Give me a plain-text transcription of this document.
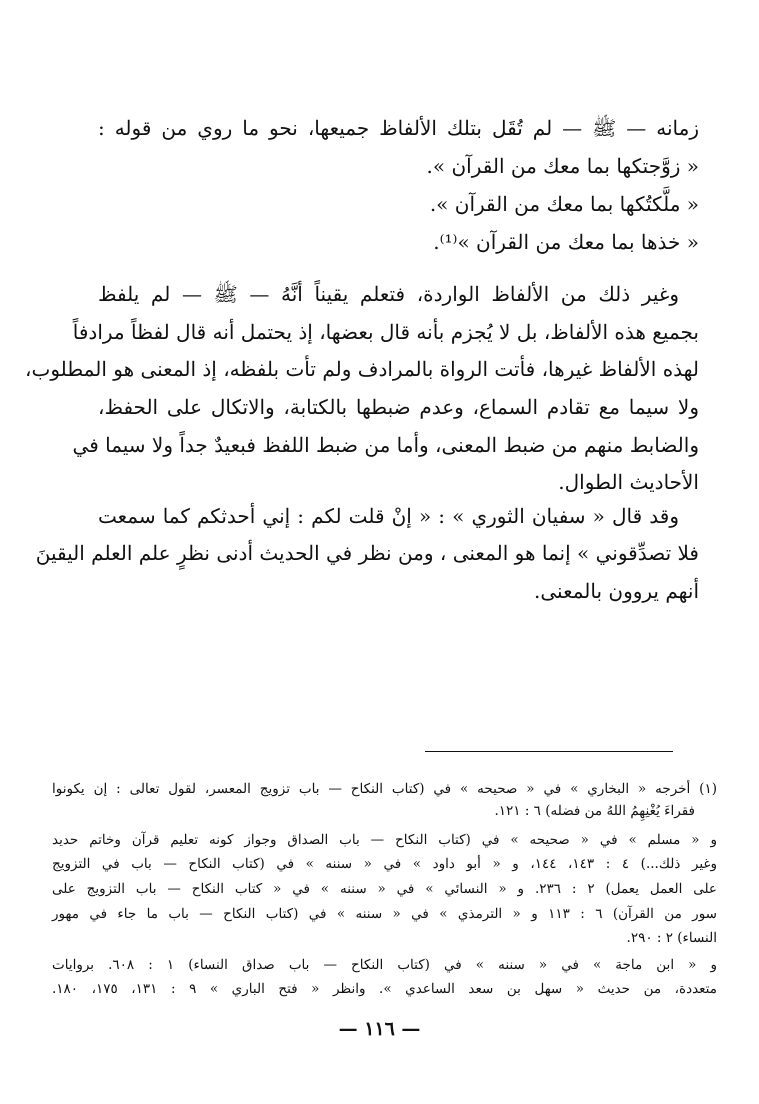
زمانه — ﷺ — لم تُقَل بتلك الألفاظ جميعها، نحو ما روي من قوله :
« زوَّجتكها بما معك من القرآن ».
« ملَّكتُكها بما معك من القرآن ».
« خذها بما معك من القرآن »⁽¹⁾.
وغير ذلك من الألفاظ الواردة، فتعلم يقيناً أنَّهُ — ﷺ — لم يلفظ
بجميع هذه الألفاظ، بل لا يُجزم بأنه قال بعضها، إذ يحتمل أنه قال لفظاً مرادفاً
لهذه الألفاظ غيرها، فأتت الرواة بالمرادف ولم تأت بلفظه، إذ المعنى هو المطلوب،
ولا سيما مع تقادم السماع، وعدم ضبطها بالكتابة، والاتكال على الحفظ،
والضابط منهم من ضبط المعنى، وأما من ضبط اللفظ فبعيدٌ جداً ولا سيما في
الأحاديث الطوال.
وقد قال « سفيان الثوري » : « إنْ قلت لكم : إني أحدثكم كما سمعت
فلا تصدِّقوني » إنما هو المعنى ، ومن نظر في الحديث أدنى نظرٍ علم العلم اليقينَ
أنهم يروون بالمعنى.
(١) أخرجه « البخاري » في « صحيحه » في (كتاب النكاح — باب تزويج المعسر، لقول تعالى : إن يكونوا
فقراءَ يُغْنِهِمُ اللهُ من فضله) ٦ : ١٢١.
و « مسلم » في « صحيحه » في (كتاب النكاح — باب الصداق وجواز كونه تعليم قرآن وخاتم حديد
وغير ذلك...) ٤ : ١٤٣، ١٤٤، و « أبو داود » في « سننه » في (كتاب النكاح — باب في التزويج
على العمل يعمل) ٢ : ٢٣٦. و « النسائي » في « سننه » في « كتاب النكاح — باب التزويج على
سور من القرآن) ٦ : ١١٣ و « الترمذي » في « سننه » في (كتاب النكاح — باب ما جاء في مهور
النساء) ٢ : ٢٩٠.
و « ابن ماجة » في « سننه » في (كتاب النكاح — باب صداق النساء) ١ : ٦٠٨. بروايات
متعددة، من حديث « سهل بن سعد الساعدي ». وانظر « فتح الباري » ٩ : ١٣١، ١٧٥، ١٨٠.
— ١١٦ —
